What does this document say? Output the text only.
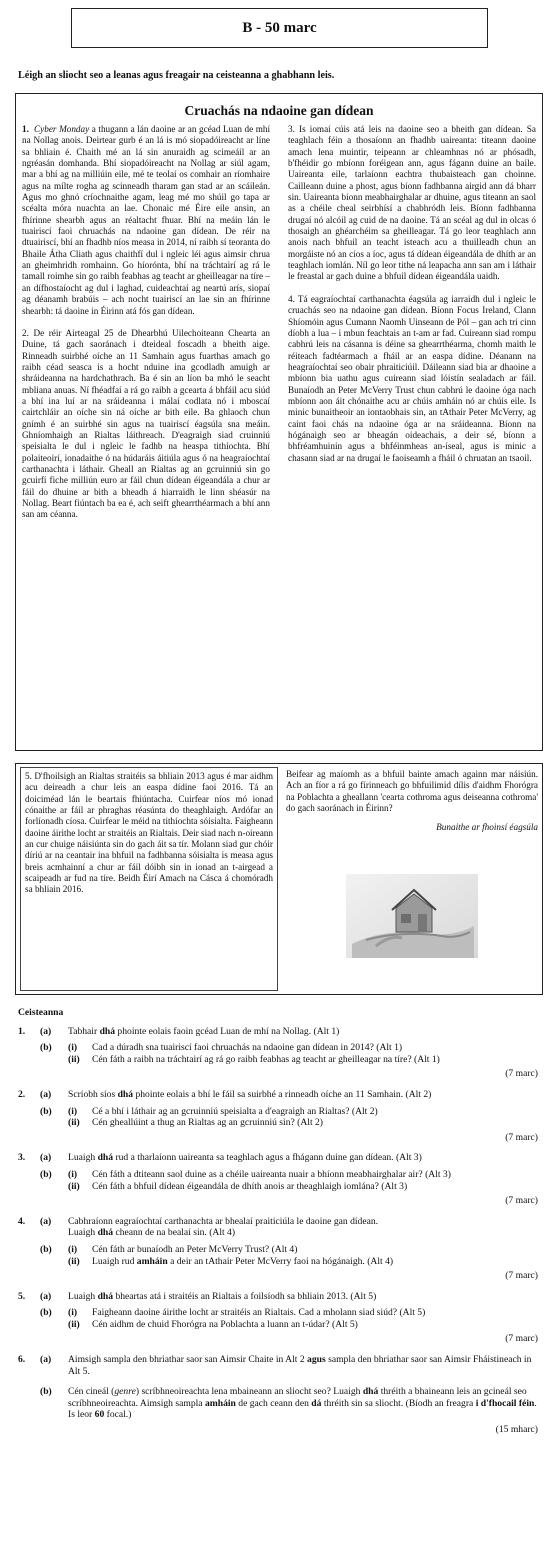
B - 50 marc
Léigh an sliocht seo a leanas agus freagair na ceisteanna a ghabhann leis.
Cruachás na ndaoine gan dídean

1. Cyber Monday a thugann a lán daoine ar an gcéad Luan de mhí na Nollag anois. Deirtear gurb é an lá is mó siopadóireacht ar líne sa bhliain é. Chaith mé an lá sin anuraidh ag scimeáil ar an ngréasán domhanda. Bhí siopadóireacht na Nollag ar siúl agam, mar a bhí ag na milliúin eile, mé te teolaí os comhair an ríomhaire agus na mílte rogha ag scinneadh tharam gan stad ar an scáileán. Agus mo ghnó críochnaithe agam, leag mé mo shúil go tapa ar scéalta móra nuachta an lae. Chonaic mé Éire eile ansin, an fhírinne shearbh agus an réaltacht fhuar. Bhí na meáin lán le tuairiscí faoi chruachás na ndaoine gan dídean. De réir na dtuairiscí, bhí an fhadhb níos measa in 2014, ní raibh sí teoranta do Bhaile Átha Cliath agus chaithfí dul i ngleic léi agus aimsir chrua an gheimhridh romhainn. Go híorónta, bhí na tráchtairí ag rá le tamall roimhe sin go raibh feabhas ag teacht ar gheilleagar na tíre – an dífhostaíocht ag dul i laghad, cuideachtaí ag neartú arís, siopaí ag déanamh brabúis – ach nocht tuairiscí an lae sin an fhírinne shearbh: tá daoine in Éirinn atá fós gan dídean.

2. De réir Airteagal 25 de Dhearbhú Uilechoiteann Chearta an Duine, tá gach saoránach i dteideal foscadh a bheith aige. Rinneadh suirbhé oíche an 11 Samhain agus fuarthas amach go raibh céad seasca is a hocht nduine ina gcodladh amuigh ar shráideanna na hardchathrach. Ba é sin an líon ba mhó le seacht mbliana anuas. Ní fhéadfaí a rá go raibh a gcearta á bhfáil acu siúd a bhí ina luí ar na sráideanna i málaí codlata nó i mboscaí cairtchláir an oíche sin ná oíche ar bith eile. Ba ghlaoch chun gnímh é an suirbhé sin agus na tuairiscí éagsúla sna meáin. Ghníomhaigh an Rialtas láithreach. D'eagraigh siad cruinniú speisialta le dul i ngleic le fadhb na heaspa tithíochta. Bhí polaiteoirí, ionadaithe ó na húdaráis áitiúla agus ó na heagraíochtaí carthanachta i láthair. Gheall an Rialtas ag an gcruinniú sin go gcuirfí fiche milliún euro ar fáil chun dídean éigeandála a chur ar fáil do dhuine ar bith a bheadh á hiarraidh le linn shéasúr na Nollag. Beart fiúntach ba ea é, ach seift ghearrthéarmach a bhí ann san am céanna.

3. Is iomaí cúis atá leis na daoine seo a bheith gan dídean. Sa teaghlach féin a thosaíonn an fhadhb uaireanta: titeann daoine amach lena muintir, teipeann ar chleamhnas nó ar phósadh, b'fhéidir go mbíonn foréigean ann, agus fágann duine an baile. Uaireanta eile, tarlaíonn eachtra thubaisteach gan choinne. Cailleann duine a phost, agus bíonn fadhbanna airgid ann dá bharr sin. Uaireanta bíonn meabhairghalar ar dhuine, agus titeann an saol as a chéile cheal seirbhísí a chabhródh leis. Bíonn fadhbanna drugaí nó alcóil ag cuid de na daoine. Tá an scéal ag dul in olcas ó thosaigh an ghéarchéim sa gheilleagar. Tá go leor teaghlach ann anois nach bhfuil an teacht isteach acu a thuilleadh chun an morgáiste nó an cíos a íoc, agus tá dídean éigeandála de dhíth ar an teaghlach iomlán. Níl go leor tithe ná leapacha ann san am i láthair le freastal ar gach duine a bhfuil dídean éigeandála uaidh.

4. Tá eagraíochtaí carthanachta éagsúla ag iarraidh dul i ngleic le cruachás seo na ndaoine gan dídean. Bíonn Focus Ireland, Clann Shíomóin agus Cumann Naomh Uinseann de Pól – gan ach trí cinn díobh a lua – i mbun feachtais an t-am ar fad. Cuireann siad rompu cabhrú leis na cásanna is déine sa ghearrthéarma, chomh maith le réiteach fadtéarmach a fháil ar an easpa dídine. Déanann na heagraíochtaí seo obair phraiticiúil. Dáileann siad bia ar dhaoine a mbíonn bia uathu agus cuireann siad lóistín sealadach ar fáil. Bunaíodh an Peter McVerry Trust chun cabhrú le daoine óga nach mbíonn aon áit chónaithe acu ar chúis amháin nó ar chúis eile. Is minic bunaitheoir an iontaobhais sin, an tAthair Peter McVerry, ag caint faoi chás na ndaoine óga ar na sráideanna. Bíonn na hógánaigh seo ar bheagán oideachais, a deir sé, bíonn a bhfréamhuinín agus a bhféinmheas an-íseal, agus is minic a chasann siad ar na drugaí le faoiseamh a fháil ó chruatan an tsaoil.

5. D'fhoilsigh an Rialtas straitéis sa bhliain 2013 agus é mar aidhm acu deireadh a chur leis an easpa dídine faoi 2016. Tá an doiciméad lán le beartais fhiúntacha. Cuirfear níos mó ionad cónaithe ar fáil ar phraghas réasúnta do theaghlaigh. Ardófar an forlíonadh cíosa. Cuirfear le méid na tithíochta sóisialta. Faigheann daoine áirithe locht ar straitéis an Rialtais. Deir siad nach n-oireann an cur chuige náisiúnta sin do gach áit sa tír. Molann siad gur chóir díriú ar na ceantair ina bhfuil na fadhbanna sóisialta is measa agus breis acmhainní a chur ar fáil dóibh sin in ionad an t-airgead a scaipeadh ar fud na tíre. Beidh Éirí Amach na Cásca á chomóradh sa bhliain 2016.
Beifear ag maíomh as a bhfuil bainte amach againn mar náisiún. Ach an fíor a rá go fírinneach go bhfuilimid dílis d'aidhm Fhorógra na Poblachta a gheallann 'cearta cothroma agus deiseanna cothroma' do gach saoránach in Éirinn?
Bunaithe ar fhoinsí éagsúla
Ceisteanna
1.	(a)	Tabhair dhá phointe eolais faoin gcéad Luan de mhí na Nollag. (Alt 1)
(b)	(i)	Cad a dúradh sna tuairiscí faoi chruachás na ndaoine gan dídean in 2014? (Alt 1)
(ii)	Cén fáth a raibh na tráchtairí ag rá go raibh feabhas ag teacht ar gheilleagar na tíre? (Alt 1)
(7 marc)
2.	(a)	Scríobh síos dhá phointe eolais a bhí le fáil sa suirbhé a rinneadh oíche an 11 Samhain. (Alt 2)
(b)	(i)	Cé a bhí i láthair ag an gcruinniú speisialta a d'eagraigh an Rialtas? (Alt 2)
(ii)	Cén gheallúint a thug an Rialtas ag an gcruinniú sin? (Alt 2)
(7 marc)
3.	(a)	Luaigh dhá rud a tharlaíonn uaireanta sa teaghlach agus a fhágann duine gan dídean. (Alt 3)
(b)	(i)	Cén fáth a dtiteann saol duine as a chéile uaireanta nuair a bhíonn meabhairghalar air? (Alt 3)
(ii)	Cén fáth a bhfuil dídean éigeandála de dhíth anois ar theaghlaigh iomlána? (Alt 3)
(7 marc)
4.	(a)	Cabhraíonn eagraíochtaí carthanachta ar bhealaí praiticiúla le daoine gan dídean.
Luaigh dhá cheann de na bealaí sin. (Alt 4)
(b)	(i)	Cén fáth ar bunaíodh an Peter McVerry Trust? (Alt 4)
(ii)	Luaigh rud amháin a deir an tAthair Peter McVerry faoi na hógánaigh. (Alt 4)
(7 marc)
5.	(a)	Luaigh dhá bheartas atá i straitéis an Rialtais a foilsíodh sa bhliain 2013. (Alt 5)
(b)	(i)	Faigheann daoine áirithe locht ar straitéis an Rialtais. Cad a mholann siad siúd? (Alt 5)
(ii)	Cén aidhm de chuid Fhorógra na Poblachta a luann an t-údar? (Alt 5)
(7 marc)
6.	(a)	Aimsigh sampla den bhriathar saor san Aimsir Chaite in Alt 2 agus sampla den bhriathar saor san Aimsir Fháistineach in Alt 5.
(b)	Cén cineál (genre) scríbhneoireachta lena mbaineann an sliocht seo? Luaigh dhá thréith a bhaineann leis an gcineál seo scríbhneoireachta. Aimsigh sampla amháin de gach ceann den dá thréith sin sa sliocht. (Bíodh an freagra i d'fhocail féin. Is leor 60 focal.)
(15 mharc)
